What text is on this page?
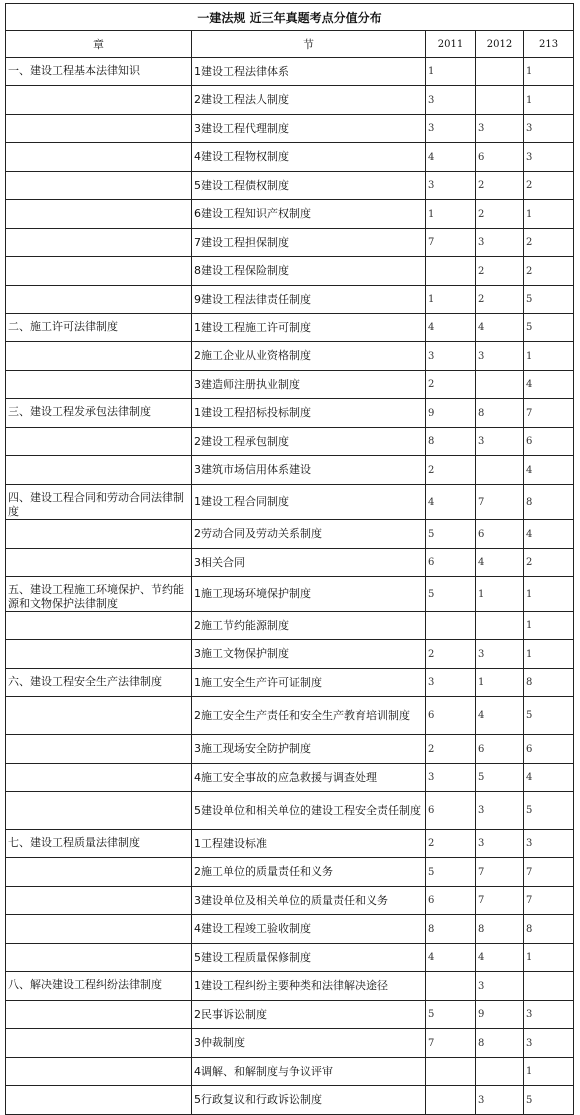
一建法规 近三年真题考点分值分布				
章	节	2011	2012	213
一、建设工程基本法律知识	1建设工程法律体系	1		1
	2建设工程法人制度	3		1
	3建设工程代理制度	3	3	3
	4建设工程物权制度	4	6	3
	5建设工程债权制度	3	2	2
	6建设工程知识产权制度	1	2	1
	7建设工程担保制度	7	3	2
	8建设工程保险制度		2	2
	9建设工程法律责任制度	1	2	5
二、施工许可法律制度	1建设工程施工许可制度	4	4	5
	2施工企业从业资格制度	3	3	1
	3建造师注册执业制度	2		4
三、建设工程发承包法律制度	1建设工程招标投标制度	9	8	7
	2建设工程承包制度	8	3	6
	3建筑市场信用体系建设	2		4
四、建设工程合同和劳动合同法律制度	1建设工程合同制度	4	7	8
	2劳动合同及劳动关系制度	5	6	4
	3相关合同	6	4	2
五、建设工程施工环境保护、节约能源和文物保护法律制度	1施工现场环境保护制度	5	1	1
	2施工节约能源制度			1
	3施工文物保护制度	2	3	1
六、建设工程安全生产法律制度	1施工安全生产许可证制度	3	1	8
	2施工安全生产责任和安全生产教育培训制度	6	4	5
	3施工现场安全防护制度	2	6	6
	4施工安全事故的应急救援与调查处理	3	5	4
	5建设单位和相关单位的建设工程安全责任制度	6	3	5
七、建设工程质量法律制度	1工程建设标准	2	3	3
	2施工单位的质量责任和义务	5	7	7
	3建设单位及相关单位的质量责任和义务	6	7	7
	4建设工程竣工验收制度	8	8	8
	5建设工程质量保修制度	4	4	1
八、解决建设工程纠纷法律制度	1建设工程纠纷主要种类和法律解决途径		3	
	2民事诉讼制度	5	9	3
	3仲裁制度	7	8	3
	4调解、和解制度与争议评审			1
	5行政复议和行政诉讼制度		3	5
